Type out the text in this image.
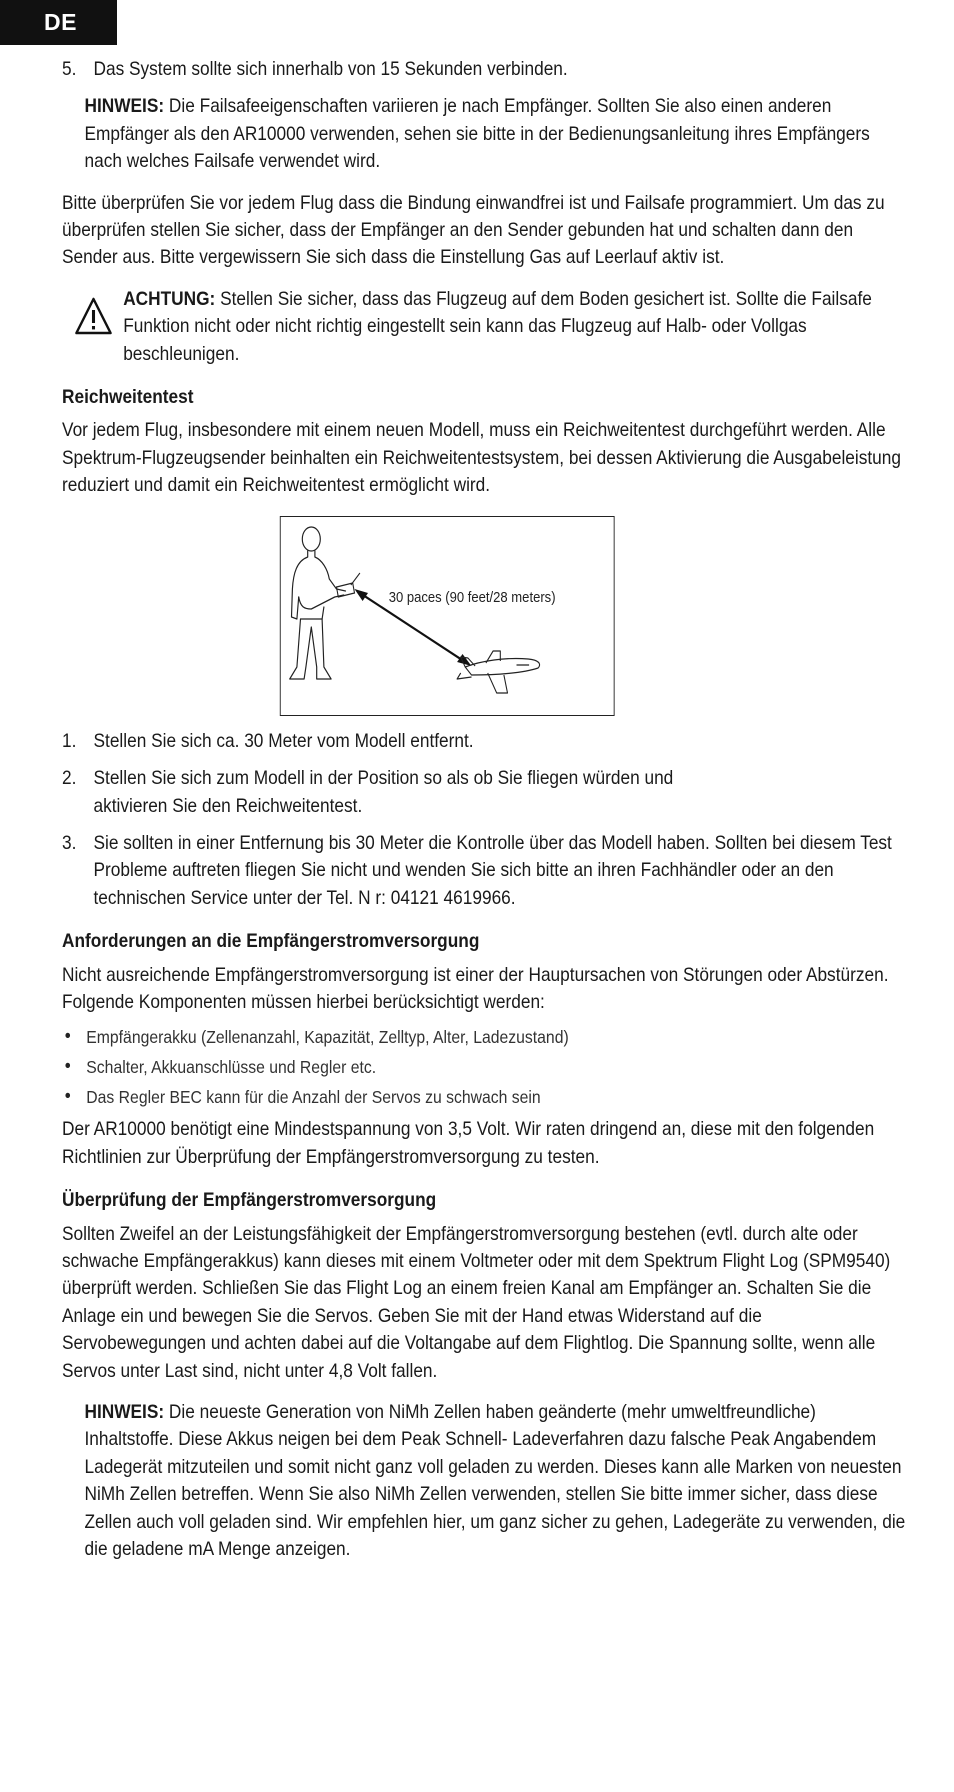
DE
5. Das System sollte sich innerhalb von 15 Sekunden verbinden.
HINWEIS: Die Failsafeeigenschaften variieren je nach Empfänger. Sollten Sie also einen anderen Empfänger als den AR10000 verwenden, sehen sie bitte in der Bedienungsanleitung ihres Empfängers nach welches Failsafe verwendet wird.

Bitte überprüfen Sie vor jedem Flug dass die Bindung einwandfrei ist und Failsafe programmiert. Um das zu überprüfen stellen Sie sicher, dass der Empfänger an den Sender gebunden hat und schalten dann den Sender aus. Bitte vergewissern Sie sich dass die Einstellung Gas auf Leerlauf aktiv ist.

ACHTUNG: Stellen Sie sicher, dass das Flugzeug auf dem Boden gesichert ist. Sollte die Failsafe Funktion nicht oder nicht richtig eingestellt sein kann das Flugzeug auf Halb- oder Vollgas beschleunigen.
Reichweitentest

Vor jedem Flug, insbesondere mit einem neuen Modell, muss ein Reichweitentest durchgeführt werden. Alle Spektrum-Flugzeugsender beinhalten ein Reichweitentestsystem, bei dessen Aktivierung die Ausgabeleistung reduziert und damit ein Reichweitentest ermöglicht wird.

30 paces (90 feet/28 meters)
1. Stellen Sie sich ca. 30 Meter vom Modell entfernt.
2. Stellen Sie sich zum Modell in der Position so als ob Sie fliegen würden und aktivieren Sie den Reichweitentest.
3. Sie sollten in einer Entfernung bis 30 Meter die Kontrolle über das Modell haben. Sollten bei diesem Test Probleme auftreten fliegen Sie nicht und wenden Sie sich bitte an ihren Fachhändler oder an den technischen Service unter der Tel. N r: 04121 4619966.
Anforderungen an die Empfängerstromversorgung

Nicht ausreichende Empfängerstromversorgung ist einer der Hauptursachen von Störungen oder Abstürzen. Folgende Komponenten müssen hierbei berücksichtigt werden:

• Empfängerakku (Zellenanzahl, Kapazität, Zelltyp, Alter, Ladezustand)
• Schalter, Akkuanschlüsse und Regler etc.
• Das Regler BEC kann für die Anzahl der Servos zu schwach sein

Der AR10000 benötigt eine Mindestspannung von 3,5 Volt. Wir raten dringend an, diese mit den folgenden Richtlinien zur Überprüfung der Empfängerstromversorgung zu testen.

Überprüfung der Empfängerstromversorgung

Sollten Zweifel an der Leistungsfähigkeit der Empfängerstromversorgung bestehen (evtl. durch alte oder schwache Empfängerakkus) kann dieses mit einem Voltmeter oder mit dem Spektrum Flight Log (SPM9540) überprüft werden. Schließen Sie das Flight Log an einem freien Kanal am Empfänger an. Schalten Sie die Anlage ein und bewegen Sie die Servos. Geben Sie mit der Hand etwas Widerstand auf die Servobewegungen und achten dabei auf die Voltangabe auf dem Flightlog. Die Spannung sollte, wenn alle Servos unter Last sind, nicht unter 4,8 Volt fallen.

HINWEIS: Die neueste Generation von NiMh Zellen haben geänderte (mehr umweltfreundliche) Inhaltstoffe. Diese Akkus neigen bei dem Peak Schnell- Ladeverfahren dazu falsche Peak Angabendem Ladegerät mitzuteilen und somit nicht ganz voll geladen zu werden. Dieses kann alle Marken von neuesten NiMh Zellen betreffen. Wenn Sie also NiMh Zellen verwenden, stellen Sie bitte immer sicher, dass diese Zellen auch voll geladen sind. Wir empfehlen hier, um ganz sicher zu gehen, Ladegeräte zu verwenden, die die geladene mA Menge anzeigen.
